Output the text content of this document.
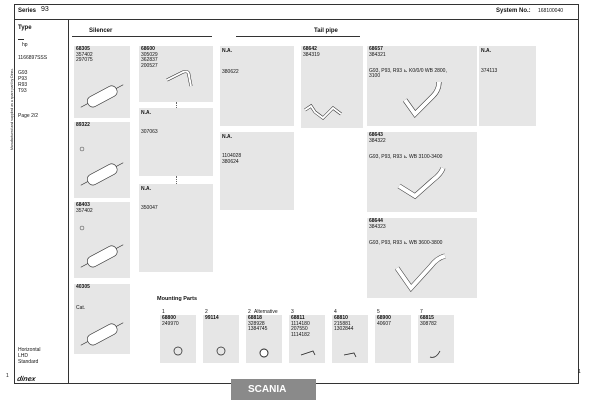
Series 93	System No.: 168100040
Manufactured and supplied as a spare part by Dinex.
Type
▬▬
hp
1166897SSS
G93
P93
R93
T93
Page 2/2
Horizontal
LHD
Standard
Silencer	Tail pipe
Mounting Parts
68305
357402
297075
89322
68403
357402
40305
Cat.
68600
305029
362837
200527
N.A.
307063
N.A.
350047
N.A.
380622
N.A.
1104028
380624
68642
384319
68657
384321
G93, P93, R93 ⊾ K0/0/0 WB 2800,
3100
N.A.
374113
68643
384322
G93, P93, R93 ⊾ WB 3100-3400
68644
384323
G93, P93, R93 ⊾ WB 3600-3800
1
68800
249970
2
99114
2 Alternative
68818
328928
1384745
3
68811
1114180
207550
1114182
4
68810
215881
1302844
5
68900
40607
7
68815
308782
1
1
dinex
SCANIA
